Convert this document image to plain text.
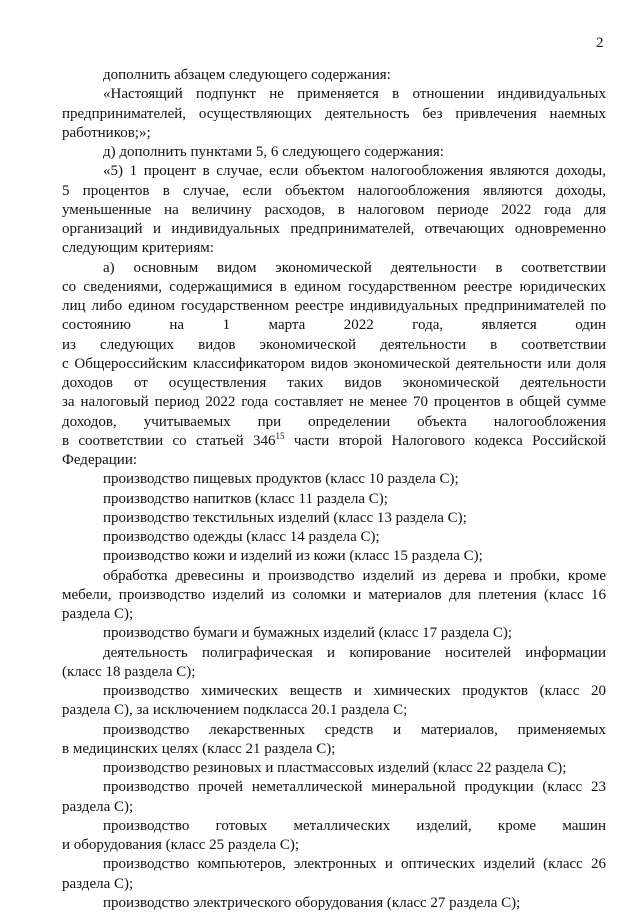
2
дополнить абзацем следующего содержания:
«Настоящий подпункт не применяется в отношении индивидуальных
предпринимателей, осуществляющих деятельность без привлечения наемных
работников;»;
д) дополнить пунктами 5, 6 следующего содержания:
«5) 1 процент в случае, если объектом налогообложения являются доходы,
5 процентов в случае, если объектом налогообложения являются доходы,
уменьшенные на величину расходов, в налоговом периоде 2022 года для
организаций и индивидуальных предпринимателей, отвечающих одновременно
следующим критериям:
а) основным видом экономической деятельности в соответствии
со сведениями, содержащимися в едином государственном реестре юридических
лиц либо едином государственном реестре индивидуальных предпринимателей по
состоянию на 1 марта 2022 года, является один
из следующих видов экономической деятельности в соответствии
с Общероссийским классификатором видов экономической деятельности или доля
доходов от осуществления таких видов экономической деятельности
за налоговый период 2022 года составляет не менее 70 процентов в общей сумме
доходов, учитываемых при определении объекта налогообложения
в соответствии со статьей $346^{15}$ части второй Налогового кодекса Российской
Федерации:
производство пищевых продуктов (класс 10 раздела С);
производство напитков (класс 11 раздела С);
производство текстильных изделий (класс 13 раздела С);
производство одежды (класс 14 раздела С);
производство кожи и изделий из кожи (класс 15 раздела С);
обработка древесины и производство изделий из дерева и пробки, кроме
мебели, производство изделий из соломки и материалов для плетения (класс 16
раздела С);
производство бумаги и бумажных изделий (класс 17 раздела С);
деятельность полиграфическая и копирование носителей информации
(класс 18 раздела С);
производство химических веществ и химических продуктов (класс 20
раздела С), за исключением подкласса 20.1 раздела С;
производство лекарственных средств и материалов, применяемых
в медицинских целях (класс 21 раздела С);
производство резиновых и пластмассовых изделий (класс 22 раздела С);
производство прочей неметаллической минеральной продукции (класс 23
раздела С);
производство готовых металлических изделий, кроме машин
и оборудования (класс 25 раздела С);
производство компьютеров, электронных и оптических изделий (класс 26
раздела С);
производство электрического оборудования (класс 27 раздела С);
